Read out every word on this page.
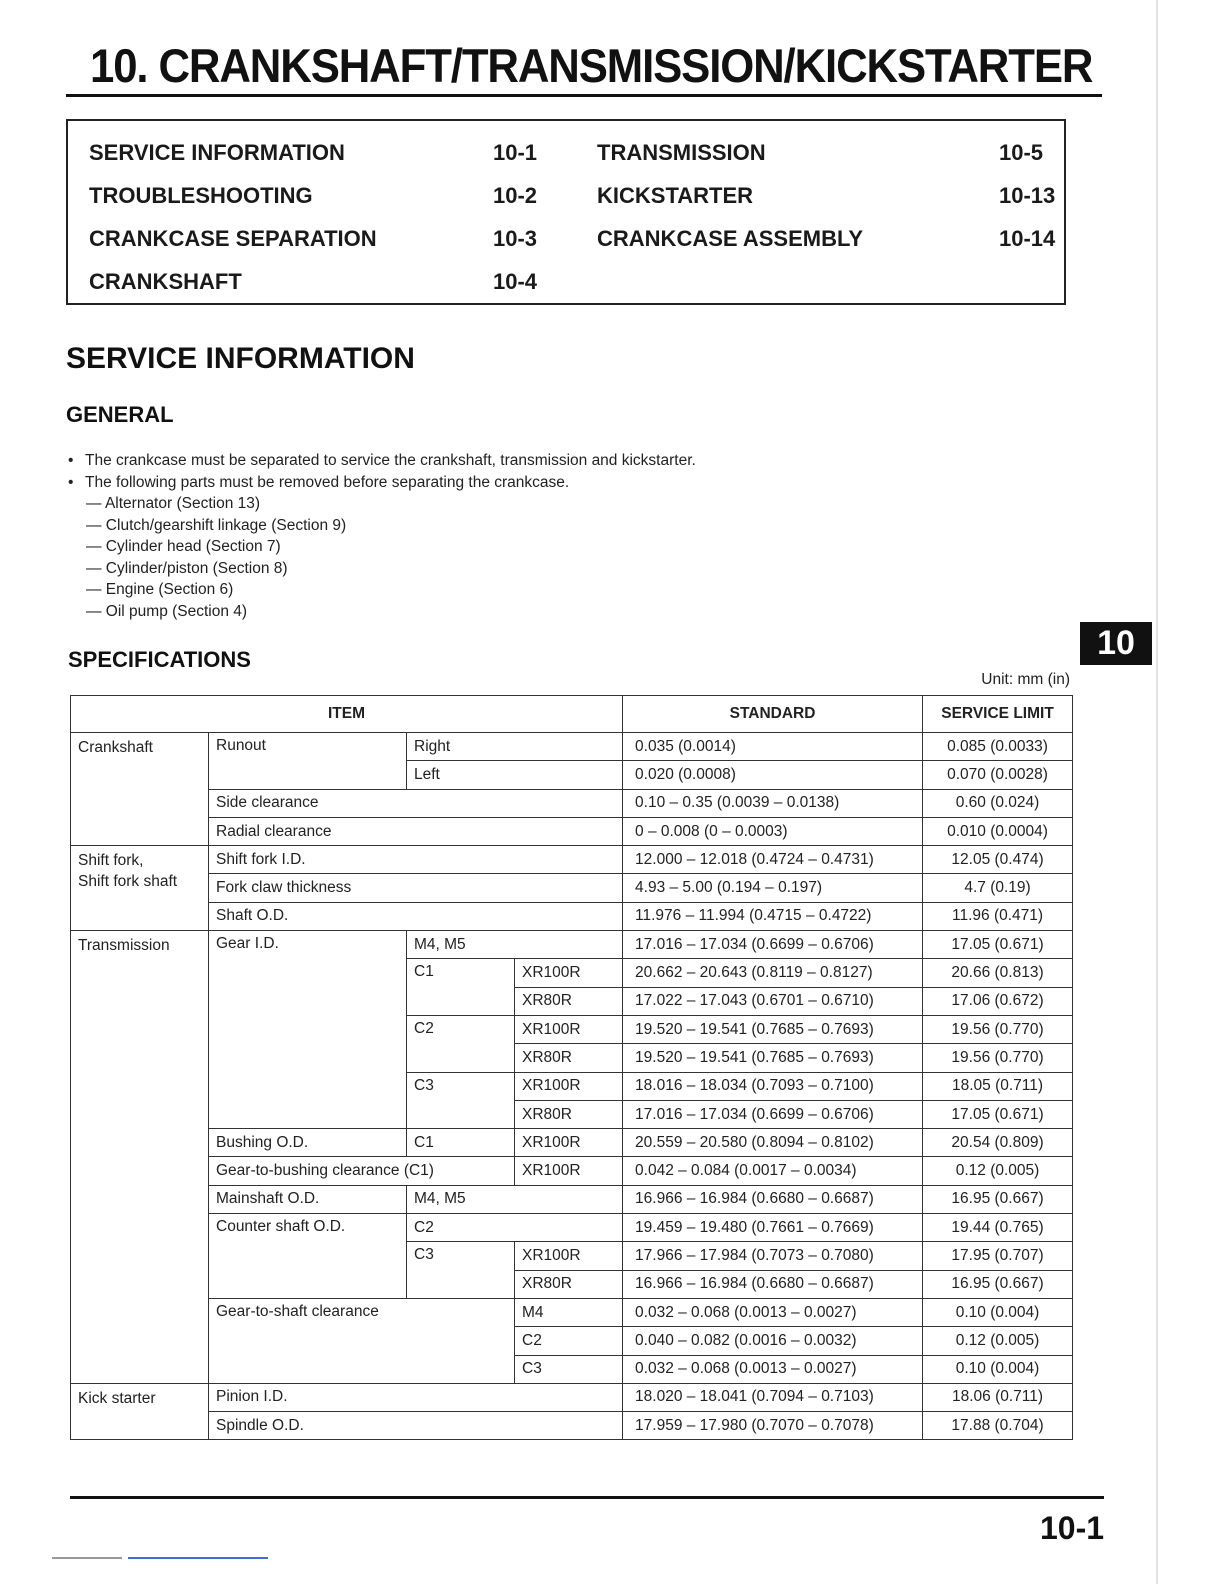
10. CRANKSHAFT/TRANSMISSION/KICKSTARTER
SERVICE INFORMATION	10-1
TROUBLESHOOTING	10-2
CRANKCASE SEPARATION	10-3
CRANKSHAFT	10-4
TRANSMISSION	10-5
KICKSTARTER	10-13
CRANKCASE ASSEMBLY	10-14
SERVICE INFORMATION
GENERAL
• The crankcase must be separated to service the crankshaft, transmission and kickstarter.
• The following parts must be removed before separating the crankcase.
— Alternator (Section 13)
— Clutch/gearshift linkage (Section 9)
— Cylinder head (Section 7)
— Cylinder/piston (Section 8)
— Engine (Section 6)
— Oil pump (Section 4)
10
SPECIFICATIONS
Unit: mm (in)
ITEM				STANDARD	SERVICE LIMIT
Crankshaft	Runout	Right		0.035 (0.0014)	0.085 (0.0033)
		Left		0.020 (0.0008)	0.070 (0.0028)
	Side clearance			0.10 – 0.35 (0.0039 – 0.0138)	0.60 (0.024)
	Radial clearance			0 – 0.008 (0 – 0.0003)	0.010 (0.0004)
Shift fork,
Shift fork shaft	Shift fork I.D.			12.000 – 12.018 (0.4724 – 0.4731)	12.05 (0.474)
	Fork claw thickness			4.93 – 5.00 (0.194 – 0.197)	4.7 (0.19)
	Shaft O.D.			11.976 – 11.994 (0.4715 – 0.4722)	11.96 (0.471)
Transmission	Gear I.D.	M4, M5		17.016 – 17.034 (0.6699 – 0.6706)	17.05 (0.671)
		C1	XR100R	20.662 – 20.643 (0.8119 – 0.8127)	20.66 (0.813)
			XR80R	17.022 – 17.043 (0.6701 – 0.6710)	17.06 (0.672)
		C2	XR100R	19.520 – 19.541 (0.7685 – 0.7693)	19.56 (0.770)
			XR80R	19.520 – 19.541 (0.7685 – 0.7693)	19.56 (0.770)
		C3	XR100R	18.016 – 18.034 (0.7093 – 0.7100)	18.05 (0.711)
			XR80R	17.016 – 17.034 (0.6699 – 0.6706)	17.05 (0.671)
	Bushing O.D.	C1	XR100R	20.559 – 20.580 (0.8094 – 0.8102)	20.54 (0.809)
	Gear-to-bushing clearance (C1)		XR100R	0.042 – 0.084 (0.0017 – 0.0034)	0.12 (0.005)
	Mainshaft O.D.	M4, M5		16.966 – 16.984 (0.6680 – 0.6687)	16.95 (0.667)
	Counter shaft O.D.	C2		19.459 – 19.480 (0.7661 – 0.7669)	19.44 (0.765)
		C3	XR100R	17.966 – 17.984 (0.7073 – 0.7080)	17.95 (0.707)
			XR80R	16.966 – 16.984 (0.6680 – 0.6687)	16.95 (0.667)
	Gear-to-shaft clearance		M4	0.032 – 0.068 (0.0013 – 0.0027)	0.10 (0.004)
			C2	0.040 – 0.082 (0.0016 – 0.0032)	0.12 (0.005)
			C3	0.032 – 0.068 (0.0013 – 0.0027)	0.10 (0.004)
Kick starter	Pinion I.D.			18.020 – 18.041 (0.7094 – 0.7103)	18.06 (0.711)
	Spindle O.D.			17.959 – 17.980 (0.7070 – 0.7078)	17.88 (0.704)
10-1
